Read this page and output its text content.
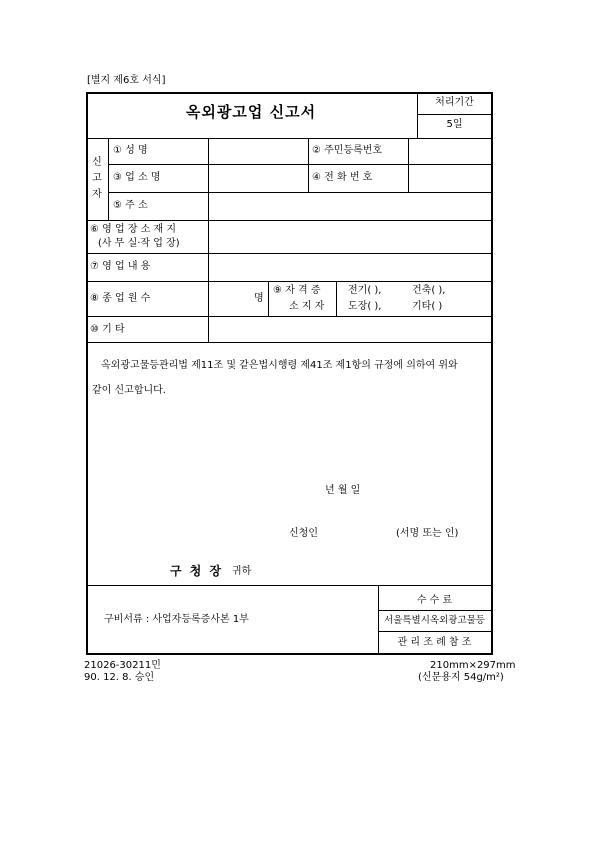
[별지 제6호 서식]
옥외광고업 신고서
처리기간
5일
신
고
자
① 성 명	② 주민등록번호
③ 업 소 명	④ 전 화 번 호
⑤ 주 소
⑥ 영 업 장 소 재 지
(사 무 실·작 업 장)
⑦ 영 업 내 용
⑧ 종 업 원 수	명
⑨ 자 격 증
소 지 자
전기( ),	건축( ),
도장( ),	기타( )
⑩ 기 타
옥외광고물등관리법 제11조 및 같은법시행령 제41조 제1항의 규정에 의하여 위와
같이 신고합니다.
년 월 일
신청인	(서명 또는 인)
구 청 장 귀하
구비서류 : 사업자등록증사본 1부
수 수 료
서울특별시옥외광고물등
관 리 조 례 참 조
21026-30211민
90. 12. 8. 승인
210mm×297mm
(신문용지 54g/m²)
